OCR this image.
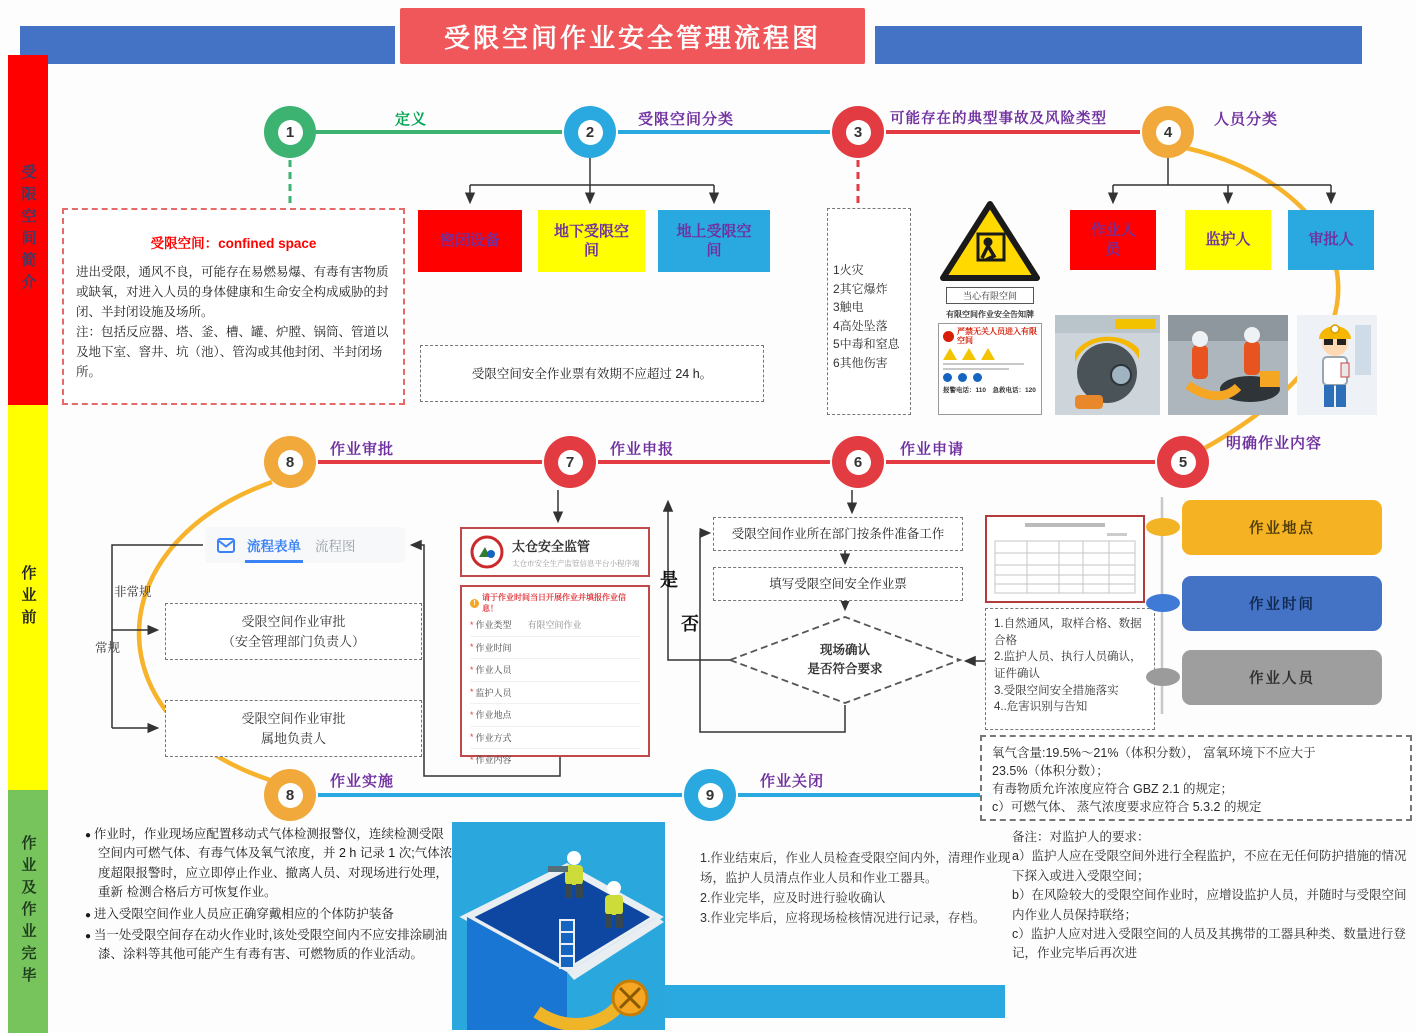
受限空间作业安全管理流程图
受限空间简介
作业前
作业及作业完毕
1	2	3	4
定义	受限空间分类	可能存在的典型事故及风险类型	人员分类
8	7	6	5
作业审批	作业申报	作业申请	明确作业内容
8	9
作业实施	作业关闭
受限空间：confined space
进出受限，通风不良，可能存在易燃易爆、有毒有害物质或缺氧，对进入人员的身体健康和生命安全构成威胁的封闭、半封闭设施及场所。
注：包括反应器、塔、釜、槽、罐、炉膛、锅筒、管道以及地下室、窨井、坑（池）、管沟或其他封闭、半封闭场所。	受限空间安全作业票有效期不应超过 24 h。
密闭设备
地下受限空间
地上受限空间
1火灾
2其它爆炸
3触电
4高处坠落
5中毒和窒息
6其他伤害
当心有限空间
有限空间作业安全告知牌
严禁无关人员进入有限空间
报警电话：110　急救电话：120
作业人员
监护人	审批人
流程表单 流程图
非常规
常规
受限空间作业审批
（安全管理部门负责人）
受限空间作业审批
属地负责人
太仓安全监管
太仓市安全生产监管信息平台小程序端
!
请于作业时间当日开展作业并填报作业信息！
* 作业类型	有限空间作业
* 作业时间
* 作业人员
* 监护人员
* 作业地点
* 作业方式
* 作业内容
受限空间作业所在部门按条件准备工作
填写受限空间安全作业票
现场确认
是否符合要求
是
否	1.自然通风，取样合格、数据合格
2.监护人员、执行人员确认，证件确认
3.受限空间安全措施落实
4..危害识别与告知
作业地点
作业时间
作业人员
氧气含量:19.5%～21%（体积分数）， 富氧环境下不应大于
23.5%（体积分数）；
有毒物质允许浓度应符合 GBZ 2.1 的规定；
c）可燃气体、 蒸气浓度要求应符合 5.3.2 的规定

● 作业时，作业现场应配置移动式气体检测报警仪，连续检测受限空间内可燃气体、有毒气体及氧气浓度，并 2 h 记录 1 次;气体浓度超限报警时，应立即停止作业、撤离人员、对现场进行处理，重新 检测合格后方可恢复作业。

● 进入受限空间作业人员应正确穿戴相应的个体防护装备

● 当一处受限空间存在动火作业时,该处受限空间内不应安排涂刷油漆、涂料等其他可能产生有毒有害、可燃物质的作业活动。

1.作业结束后，作业人员检查受限空间内外，清理作业现场，监护人员清点作业人员和作业工器具。

2.作业完毕，应及时进行验收确认

3.作业完毕后，应将现场检核情况进行记录，存档。

备注：对监护人的要求：

a）监护人应在受限空间外进行全程监护，不应在无任何防护措施的情况下探入或进入受限空间；

b）在风险较大的受限空间作业时，应增设监护人员，并随时与受限空间内作业人员保持联络；

c）监护人应对进入受限空间的人员及其携带的工器具种类、数量进行登记，作业完毕后再次进
